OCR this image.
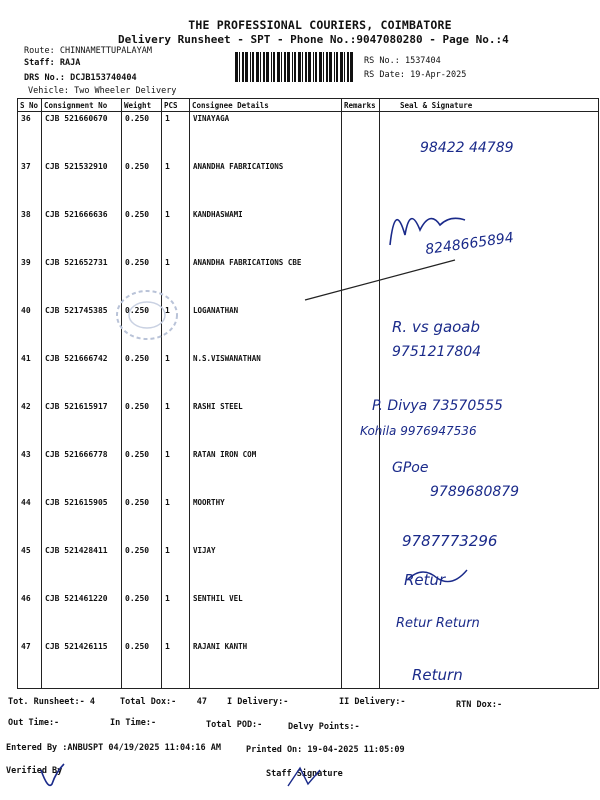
THE PROFESSIONAL COURIERS, COIMBATORE
Delivery Runsheet - SPT - Phone No.:9047080280 - Page No.:4
Route: CHINNAMETTUPALAYAM
Staff: RAJA
DRS No.: DCJB153740404
Vehicle: Two Wheeler Delivery
RS No.: 1537404
RS Date: 19-Apr-2025
S No	Consignment No	Weight	PCS	Consignee Details	Remarks	Seal & Signature
36	CJB 521660670	0.250	1	VINAYAGA		
37	CJB 521532910	0.250	1	ANANDHA FABRICATIONS		
38	CJB 521666636	0.250	1	KANDHASWAMI		
39	CJB 521652731	0.250	1	ANANDHA FABRICATIONS CBE		
40	CJB 521745385	0.250	1	LOGANATHAN		
41	CJB 521666742	0.250	1	N.S.VISWANATHAN		
42	CJB 521615917	0.250	1	RASHI STEEL		
43	CJB 521666778	0.250	1	RATAN IRON COM		
44	CJB 521615905	0.250	1	MOORTHY		
45	CJB 521428411	0.250	1	VIJAY		
46	CJB 521461220	0.250	1	SENTHIL VEL		
47	CJB 521426115	0.250	1	RAJANI KANTH		
98422 44789
8248665894
R. vs gaoab
9751217804
P. Divya 73570555
Kohila 9976947536
GPoe
9789680879
9787773296
Retur
Retur Return
Return
Tot. Runsheet:- 4	Total Dox:- 47 I Delivery:-	II Delivery:-	RTN Dox:-
Out Time:-	In Time:-	Total POD:-	Delvy Points:-
Entered By :ANBUSPT 04/19/2025 11:04:16 AM	Printed On: 19-04-2025 11:05:09
Verified By	Staff Signature
